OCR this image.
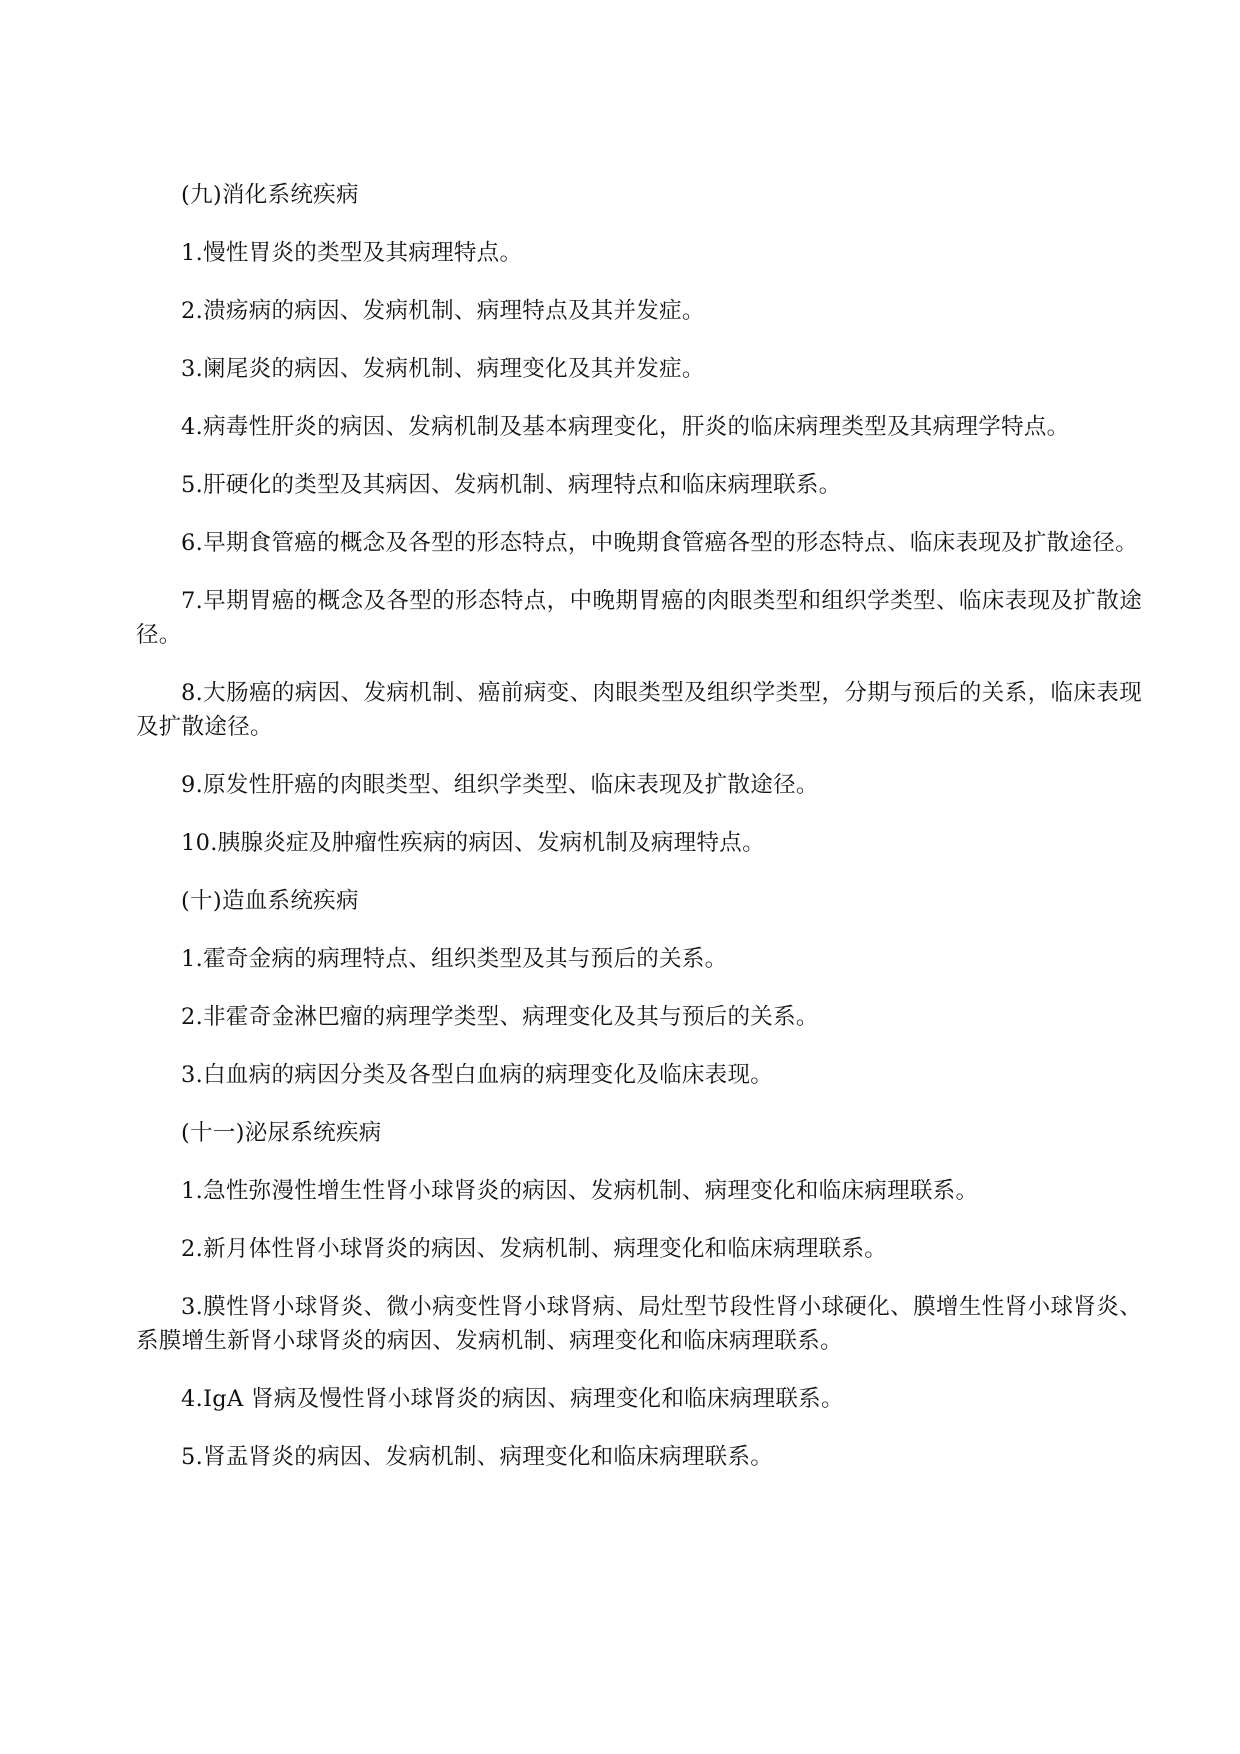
(九)消化系统疾病

1.慢性胃炎的类型及其病理特点。

2.溃疡病的病因、发病机制、病理特点及其并发症。

3.阑尾炎的病因、发病机制、病理变化及其并发症。

4.病毒性肝炎的病因、发病机制及基本病理变化，肝炎的临床病理类型及其病理学特点。

5.肝硬化的类型及其病因、发病机制、病理特点和临床病理联系。

6.早期食管癌的概念及各型的形态特点，中晚期食管癌各型的形态特点、临床表现及扩散途径。

7.早期胃癌的概念及各型的形态特点，中晚期胃癌的肉眼类型和组织学类型、临床表现及扩散途径。

8.大肠癌的病因、发病机制、癌前病变、肉眼类型及组织学类型，分期与预后的关系，临床表现及扩散途径。

9.原发性肝癌的肉眼类型、组织学类型、临床表现及扩散途径。

10.胰腺炎症及肿瘤性疾病的病因、发病机制及病理特点。

(十)造血系统疾病

1.霍奇金病的病理特点、组织类型及其与预后的关系。

2.非霍奇金淋巴瘤的病理学类型、病理变化及其与预后的关系。

3.白血病的病因分类及各型白血病的病理变化及临床表现。

(十一)泌尿系统疾病

1.急性弥漫性增生性肾小球肾炎的病因、发病机制、病理变化和临床病理联系。

2.新月体性肾小球肾炎的病因、发病机制、病理变化和临床病理联系。

3.膜性肾小球肾炎、微小病变性肾小球肾病、局灶型节段性肾小球硬化、膜增生性肾小球肾炎、系膜增生新肾小球肾炎的病因、发病机制、病理变化和临床病理联系。

4.IgA 肾病及慢性肾小球肾炎的病因、病理变化和临床病理联系。

5.肾盂肾炎的病因、发病机制、病理变化和临床病理联系。
